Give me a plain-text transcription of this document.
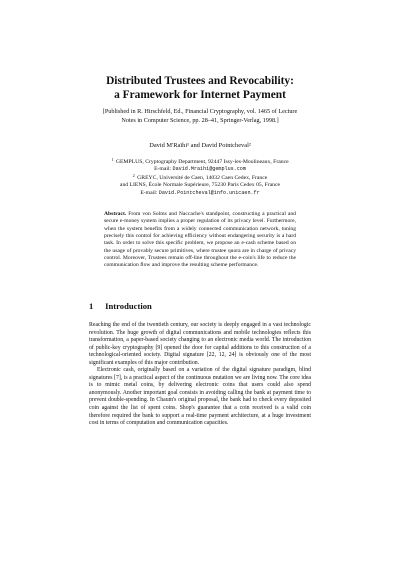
Distributed Trustees and Revocability:
a Framework for Internet Payment
[Published in R. Hirschfeld, Ed., Financial Cryptography, vol. 1465 of Lecture
Notes in Computer Science, pp. 28–41, Springer-Verlag, 1998.]
David M'Raïhi¹ and David Pointcheval²
$^1$ GEMPLUS, Cryptography Department, 92447 Issy-les-Moulineaux, France
E-mail: David.Mraihi@gemplus.com
$^2$ GREYC, Université de Caen, 14032 Caen Cedex, France
and LIENS, École Normale Supérieure, 75230 Paris Cedex 05, France
E-mail: David.Pointcheval@info.unicaen.fr
Abstract. From von Solms and Naccache's standpoint, constructing a practical and secure e-money system implies a proper regulation of its privacy level. Furthermore, when the system benefits from a widely connected communication network, tuning precisely this control for achieving efficiency without endangering security is a hard task. In order to solve this specific problem, we propose an e-cash scheme based on the usage of provably secure primitives, where trustee quora are in charge of privacy control. Moreover, Trustees remain off-line throughout the e-coin's life to reduce the communication flow and improve the resulting scheme performance.
1 Introduction

Reaching the end of the twentieth century, our society is deeply engaged in a vast technologic revolution. The huge growth of digital communications and mobile technologies reflects this transformation, a paper-based society changing to an electronic media world. The introduction of public-key cryptography [9] opened the door for capital additions to this construction of a technological-oriented society. Digital signature [22, 12, 24] is obviously one of the most significant examples of this major contribution.

Electronic cash, originally based on a variation of the digital signature paradigm, blind signatures [7], is a practical aspect of the continuous mutation we are living now. The core idea is to mimic metal coins, by delivering electronic coins that users could also spend anonymously. Another important goal consists in avoiding calling the bank at payment time to prevent double-spending. In Chaum's original proposal, the bank had to check every deposited coin against the list of spent coins. Shop's guarantee that a coin received is a valid coin therefore required the bank to support a real-time payment architecture, at a huge investment cost in terms of computation and communication capacities.
